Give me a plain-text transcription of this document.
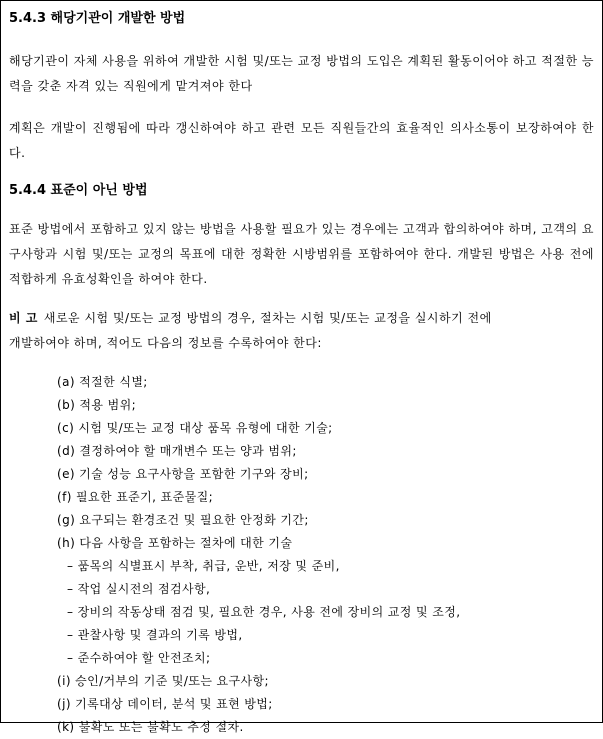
5.4.3 해당기관이 개발한 방법

해당기관이 자체 사용을 위하여 개발한 시험 및/또는 교정 방법의 도입은 계획된 활동이어야 하고 적절한 능력을 갖춘 자격 있는 직원에게 맡겨져야 한다

계획은 개발이 진행됨에 따라 갱신하여야 하고 관련 모든 직원들간의 효율적인 의사소통이 보장하여야 한다.

5.4.4 표준이 아닌 방법

표준 방법에서 포함하고 있지 않는 방법을 사용할 필요가 있는 경우에는 고객과 합의하여야 하며, 고객의 요구사항과 시험 및/또는 교정의 목표에 대한 정확한 시방범위를 포함하여야 한다. 개발된 방법은 사용 전에 적합하게 유효성확인을 하여야 한다.

비 고 새로운 시험 및/또는 교정 방법의 경우, 절차는 시험 및/또는 교정을 실시하기 전에

개발하여야 하며, 적어도 다음의 정보를 수록하여야 한다:

(a) 적절한 식별;

(b) 적용 범위;

(c) 시험 및/또는 교정 대상 품목 유형에 대한 기술;

(d) 결정하여야 할 매개변수 또는 양과 범위;

(e) 기술 성능 요구사항을 포함한 기구와 장비;

(f) 필요한 표준기, 표준물질;

(g) 요구되는 환경조건 및 필요한 안정화 기간;

(h) 다음 사항을 포함하는 절차에 대한 기술

– 품목의 식별표시 부착, 취급, 운반, 저장 및 준비,

– 작업 실시전의 점검사항,

– 장비의 작동상태 점검 및, 필요한 경우, 사용 전에 장비의 교정 및 조정,

– 관찰사항 및 결과의 기록 방법,

– 준수하여야 할 안전조치;

(i) 승인/거부의 기준 및/또는 요구사항;

(j) 기록대상 데이터, 분석 및 표현 방법;

(k) 불확도 또는 불확도 추정 절차.
